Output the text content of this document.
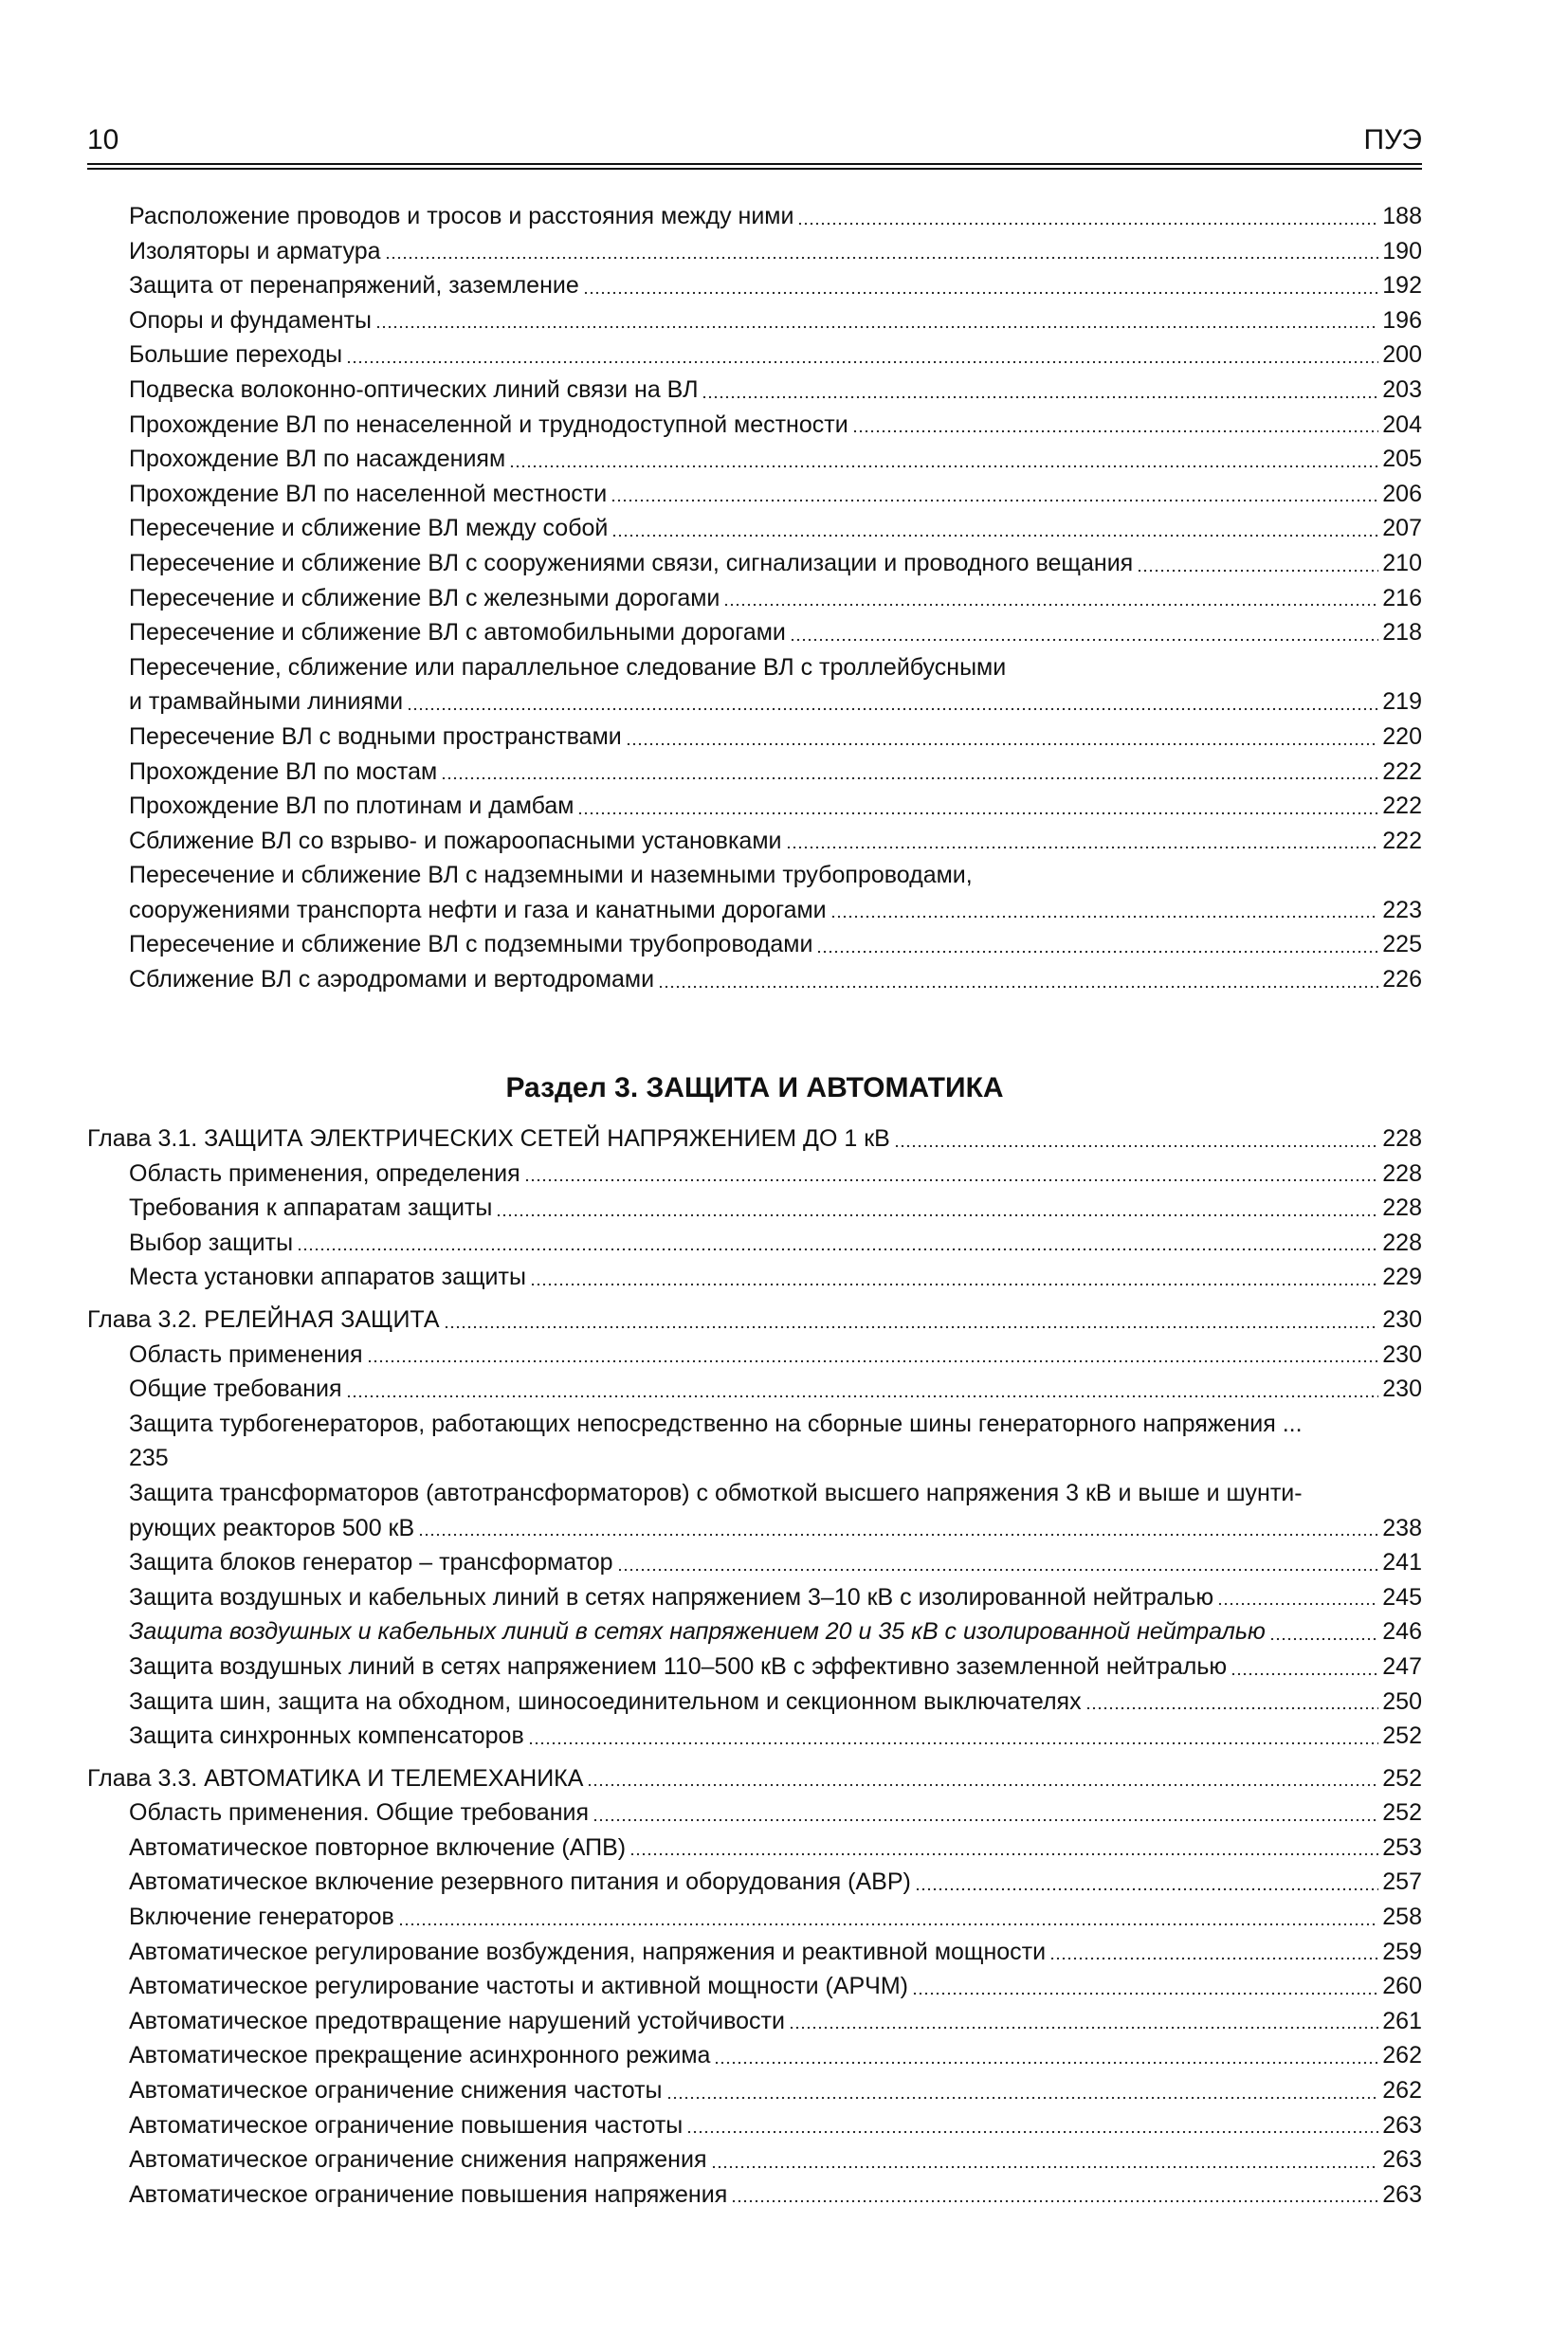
10	ПУЭ
Расположение проводов и тросов и расстояния между ними	188
Изоляторы и арматура	190
Защита от перенапряжений, заземление	192
Опоры и фундаменты	196
Большие переходы	200
Подвеска волоконно-оптических линий связи на ВЛ	203
Прохождение ВЛ по ненаселенной и труднодоступной местности	204
Прохождение ВЛ по насаждениям	205
Прохождение ВЛ по населенной местности	206
Пересечение и сближение ВЛ между собой	207
Пересечение и сближение ВЛ с сооружениями связи, сигнализации и проводного вещания	210
Пересечение и сближение ВЛ с железными дорогами	216
Пересечение и сближение ВЛ с автомобильными дорогами	218
Пересечение, сближение или параллельное следование ВЛ с троллейбусными
и трамвайными линиями	219
Пересечение ВЛ с водными пространствами	220
Прохождение ВЛ по мостам	222
Прохождение ВЛ по плотинам и дамбам	222
Сближение ВЛ со взрыво- и пожароопасными установками	222
Пересечение и сближение ВЛ с надземными и наземными трубопроводами,
сооружениями транспорта нефти и газа и канатными дорогами	223
Пересечение и сближение ВЛ с подземными трубопроводами	225
Сближение ВЛ с аэродромами и вертодромами	226
Раздел 3. ЗАЩИТА И АВТОМАТИКА
Глава 3.1. ЗАЩИТА ЭЛЕКТРИЧЕСКИХ СЕТЕЙ НАПРЯЖЕНИЕМ ДО 1 кВ	228
Область применения, определения	228
Требования к аппаратам защиты	228
Выбор защиты	228
Места установки аппаратов защиты	229
Глава 3.2. РЕЛЕЙНАЯ ЗАЩИТА	230
Область применения	230
Общие требования	230
Защита турбогенераторов, работающих непосредственно на сборные шины генераторного напряжения ...
235
Защита трансформаторов (автотрансформаторов) с обмоткой высшего напряжения 3 кВ и выше и шунти-
рующих реакторов 500 кВ	238
Защита блоков генератор – трансформатор	241
Защита воздушных и кабельных линий в сетях напряжением 3–10 кВ с изолированной нейтралью	245
Защита воздушных и кабельных линий в сетях напряжением 20 и 35 кВ с изолированной нейтралью	246
Защита воздушных линий в сетях напряжением 110–500 кВ с эффективно заземленной нейтралью	247
Защита шин, защита на обходном, шиносоединительном и секционном выключателях	250
Защита синхронных компенсаторов	252
Глава 3.3. АВТОМАТИКА И ТЕЛЕМЕХАНИКА	252
Область применения. Общие требования	252
Автоматическое повторное включение (АПВ)	253
Автоматическое включение резервного питания и оборудования (АВР)	257
Включение генераторов	258
Автоматическое регулирование возбуждения, напряжения и реактивной мощности	259
Автоматическое регулирование частоты и активной мощности (АРЧМ)	260
Автоматическое предотвращение нарушений устойчивости	261
Автоматическое прекращение асинхронного режима	262
Автоматическое ограничение снижения частоты	262
Автоматическое ограничение повышения частоты	263
Автоматическое ограничение снижения напряжения	263
Автоматическое ограничение повышения напряжения	263
